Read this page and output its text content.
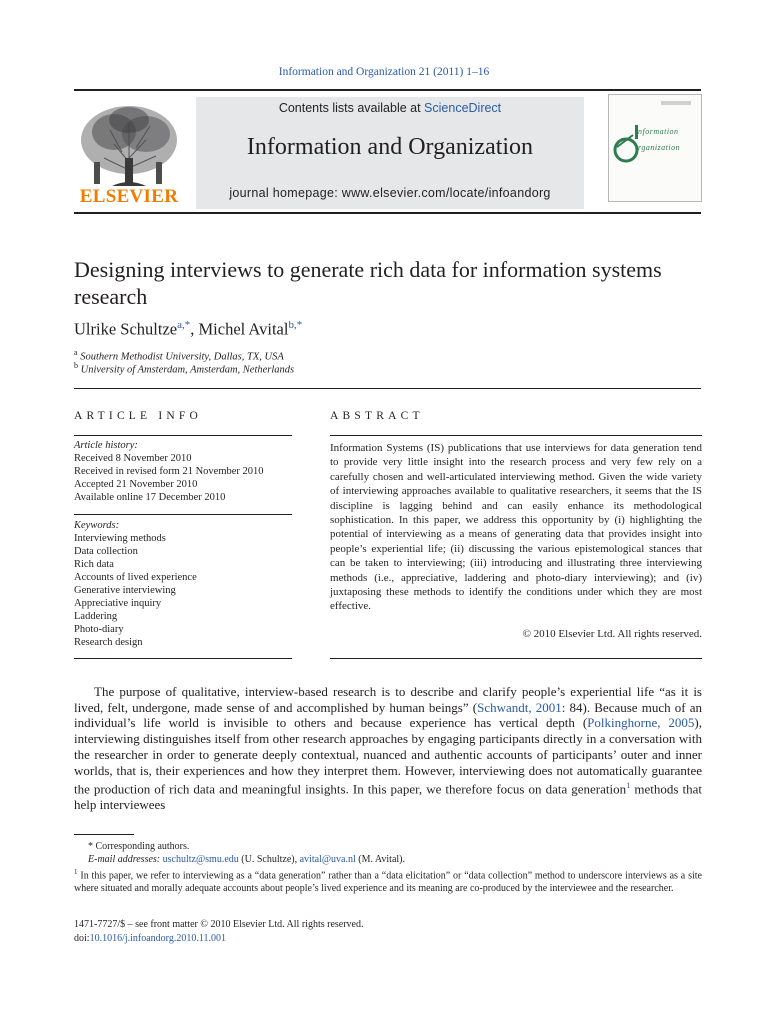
Information and Organization 21 (2011) 1–16
ELSEVIER
Contents lists available at ScienceDirect
Information and Organization
journal homepage: www.elsevier.com/locate/infoandorg
nformation
rganization
Designing interviews to generate rich data for information systems research
Ulrike Schultze$^{a,*}$, Michel Avital$^{b,*}$
$^a$ Southern Methodist University, Dallas, TX, USA
$^b$ University of Amsterdam, Amsterdam, Netherlands
ARTICLE INFO
Article history:
Received 8 November 2010
Received in revised form 21 November 2010
Accepted 21 November 2010
Available online 17 December 2010
Keywords:
Interviewing methods
Data collection
Rich data
Accounts of lived experience
Generative interviewing
Appreciative inquiry
Laddering
Photo-diary
Research design
ABSTRACT
Information Systems (IS) publications that use interviews for data generation tend to provide very little insight into the research process and very few rely on a carefully chosen and well-articulated interviewing method. Given the wide variety of interviewing approaches available to qualitative researchers, it seems that the IS discipline is lagging behind and can easily enhance its methodological sophistication. In this paper, we address this opportunity by (i) highlighting the potential of interviewing as a means of generating data that provides insight into people’s experiential life; (ii) discussing the various epistemological stances that can be taken to interviewing; (iii) introducing and illustrating three interviewing methods (i.e., appreciative, laddering and photo-diary interviewing); and (iv) juxtaposing these methods to identify the conditions under which they are most effective.
© 2010 Elsevier Ltd. All rights reserved.

The purpose of qualitative, interview-based research is to describe and clarify people’s experiential life “as it is lived, felt, undergone, made sense of and accomplished by human beings” (Schwandt, 2001: 84). Because much of an individual’s life world is invisible to others and because experience has vertical depth (Polkinghorne, 2005), interviewing distinguishes itself from other research approaches by engaging participants directly in a conversation with the researcher in order to generate deeply contextual, nuanced and authentic accounts of participants’ outer and inner worlds, that is, their experiences and how they interpret them. However, interviewing does not automatically guarantee the production of rich data and meaningful insights. In this paper, we therefore focus on data generation$^1$ methods that help interviewees

* Corresponding authors.
E-mail addresses: uschultz@smu.edu (U. Schultze), avital@uva.nl (M. Avital).
$^1$ In this paper, we refer to interviewing as a “data generation” rather than a “data elicitation” or “data collection” method to underscore interviews as a site where situated and morally adequate accounts about people’s lived experience and its meaning are co-produced by the interviewee and the researcher.
1471-7727/$ – see front matter © 2010 Elsevier Ltd. All rights reserved.
doi:10.1016/j.infoandorg.2010.11.001
